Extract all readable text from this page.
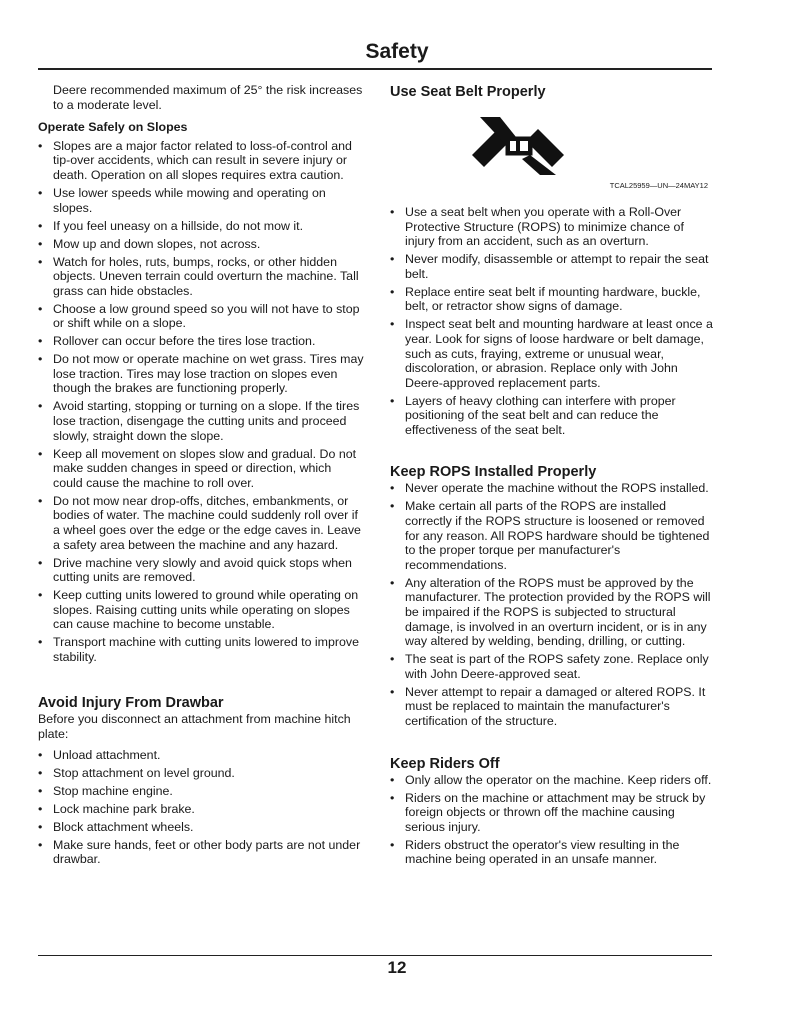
Safety

Deere recommended maximum of 25° the risk increases to a moderate level.

Operate Safely on Slopes
• Slopes are a major factor related to loss-of-control and tip-over accidents, which can result in severe injury or death. Operation on all slopes requires extra caution.
• Use lower speeds while mowing and operating on slopes.
• If you feel uneasy on a hillside, do not mow it.
• Mow up and down slopes, not across.
• Watch for holes, ruts, bumps, rocks, or other hidden objects. Uneven terrain could overturn the machine. Tall grass can hide obstacles.
• Choose a low ground speed so you will not have to stop or shift while on a slope.
• Rollover can occur before the tires lose traction.
• Do not mow or operate machine on wet grass. Tires may lose traction. Tires may lose traction on slopes even though the brakes are functioning properly.
• Avoid starting, stopping or turning on a slope. If the tires lose traction, disengage the cutting units and proceed slowly, straight down the slope.
• Keep all movement on slopes slow and gradual. Do not make sudden changes in speed or direction, which could cause the machine to roll over.
• Do not mow near drop-offs, ditches, embankments, or bodies of water. The machine could suddenly roll over if a wheel goes over the edge or the edge caves in. Leave a safety area between the machine and any hazard.
• Drive machine very slowly and avoid quick stops when cutting units are removed.
• Keep cutting units lowered to ground while operating on slopes. Raising cutting units while operating on slopes can cause machine to become unstable.
• Transport machine with cutting units lowered to improve stability.
Avoid Injury From Drawbar

Before you disconnect an attachment from machine hitch plate:

• Unload attachment.
• Stop attachment on level ground.
• Stop machine engine.
• Lock machine park brake.
• Block attachment wheels.
• Make sure hands, feet or other body parts are not under drawbar.
Use Seat Belt Properly
TCAL25959—UN—24MAY12
• Use a seat belt when you operate with a Roll-Over Protective Structure (ROPS) to minimize chance of injury from an accident, such as an overturn.
• Never modify, disassemble or attempt to repair the seat belt.
• Replace entire seat belt if mounting hardware, buckle, belt, or retractor show signs of damage.
• Inspect seat belt and mounting hardware at least once a year. Look for signs of loose hardware or belt damage, such as cuts, fraying, extreme or unusual wear, discoloration, or abrasion. Replace only with John Deere-approved replacement parts.
• Layers of heavy clothing can interfere with proper positioning of the seat belt and can reduce the effectiveness of the seat belt.
Keep ROPS Installed Properly
• Never operate the machine without the ROPS installed.
• Make certain all parts of the ROPS are installed correctly if the ROPS structure is loosened or removed for any reason. All ROPS hardware should be tightened to the proper torque per manufacturer's recommendations.
• Any alteration of the ROPS must be approved by the manufacturer. The protection provided by the ROPS will be impaired if the ROPS is subjected to structural damage, is involved in an overturn incident, or is in any way altered by welding, bending, drilling, or cutting.
• The seat is part of the ROPS safety zone. Replace only with John Deere-approved seat.
• Never attempt to repair a damaged or altered ROPS. It must be replaced to maintain the manufacturer's certification of the structure.
Keep Riders Off
• Only allow the operator on the machine. Keep riders off.
• Riders on the machine or attachment may be struck by foreign objects or thrown off the machine causing serious injury.
• Riders obstruct the operator's view resulting in the machine being operated in an unsafe manner.
12
